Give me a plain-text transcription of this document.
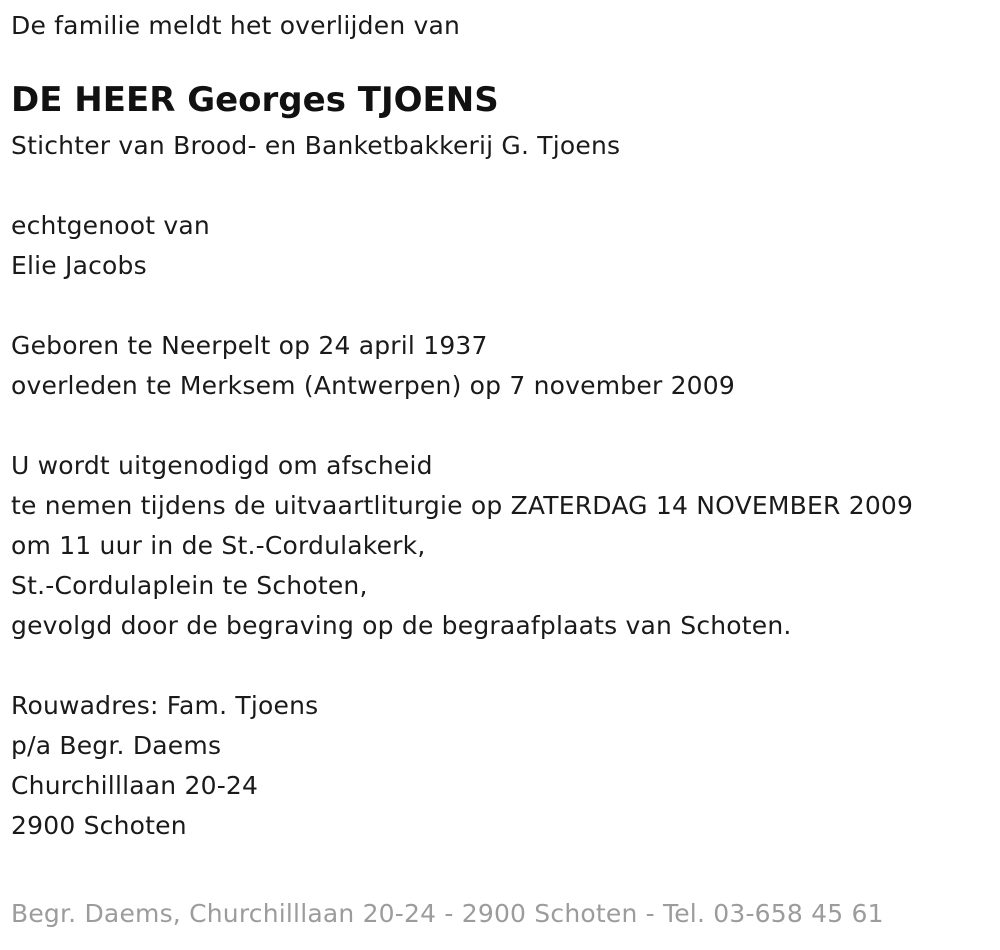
De familie meldt het overlijden van
DE HEER Georges TJOENS
Stichter van Brood- en Banketbakkerij G. Tjoens
echtgenoot van
Elie Jacobs
Geboren te Neerpelt op 24 april 1937
overleden te Merksem (Antwerpen) op 7 november 2009
U wordt uitgenodigd om afscheid
te nemen tijdens de uitvaartliturgie op ZATERDAG 14 NOVEMBER 2009
om 11 uur in de St.-Cordulakerk,
St.-Cordulaplein te Schoten,
gevolgd door de begraving op de begraafplaats van Schoten.
Rouwadres: Fam. Tjoens
p/a Begr. Daems
Churchilllaan 20-24
2900 Schoten
Begr. Daems, Churchilllaan 20-24 - 2900 Schoten - Tel. 03-658 45 61
